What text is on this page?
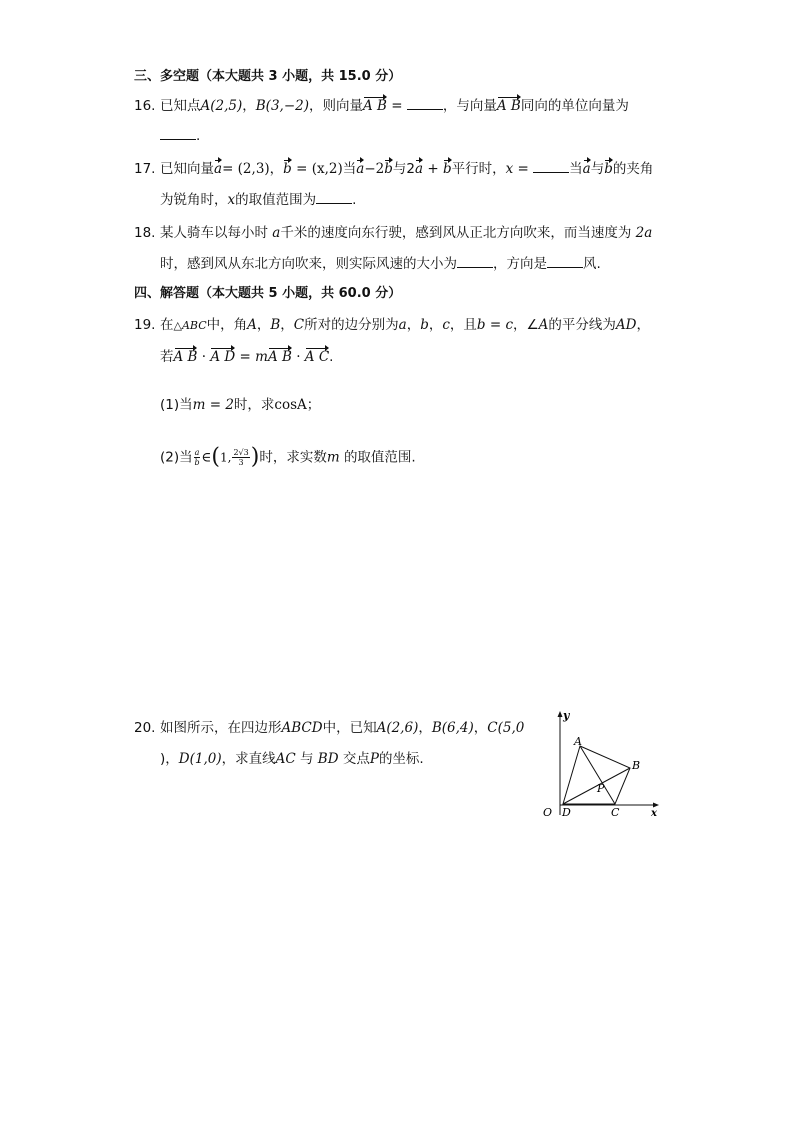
三、多空题（本大题共 3 小题，共 15.0 分）
16. 已知点A(2,5)，B(3,−2)，则向量A B =	，与向量A B同向的单位向量为
.
17. 已知向量a= (2,3)，b = (x,2)当a−2b与2a + b平行时，x =	当a与b的夹角
为锐角时，x的取值范围为	.
18. 某人骑车以每小时 a千米的速度向东行驶，感到风从正北方向吹来，而当速度为 2a
时，感到风从东北方向吹来，则实际风速的大小为	，方向是	风.
四、解答题（本大题共 5 小题，共 60.0 分）
19. 在△ABC中，角A，B，C所对的边分别为a，b，c，且b = c，∠A的平分线为AD，
若A B · A D = mA B · A C.
(1)当m = 2时，求cosA；
(2)当 $\frac{a}{b}$ ∈(1, $\frac{2√3}{3}$ )时，求实数m 的取值范围.
20. 如图所示，在四边形ABCD中，已知A(2,6)，B(6,4)，C(5,0
)，D(1,0)，求直线AC 与 BD 交点P的坐标.
y
x
O
A
B
C
D
P
